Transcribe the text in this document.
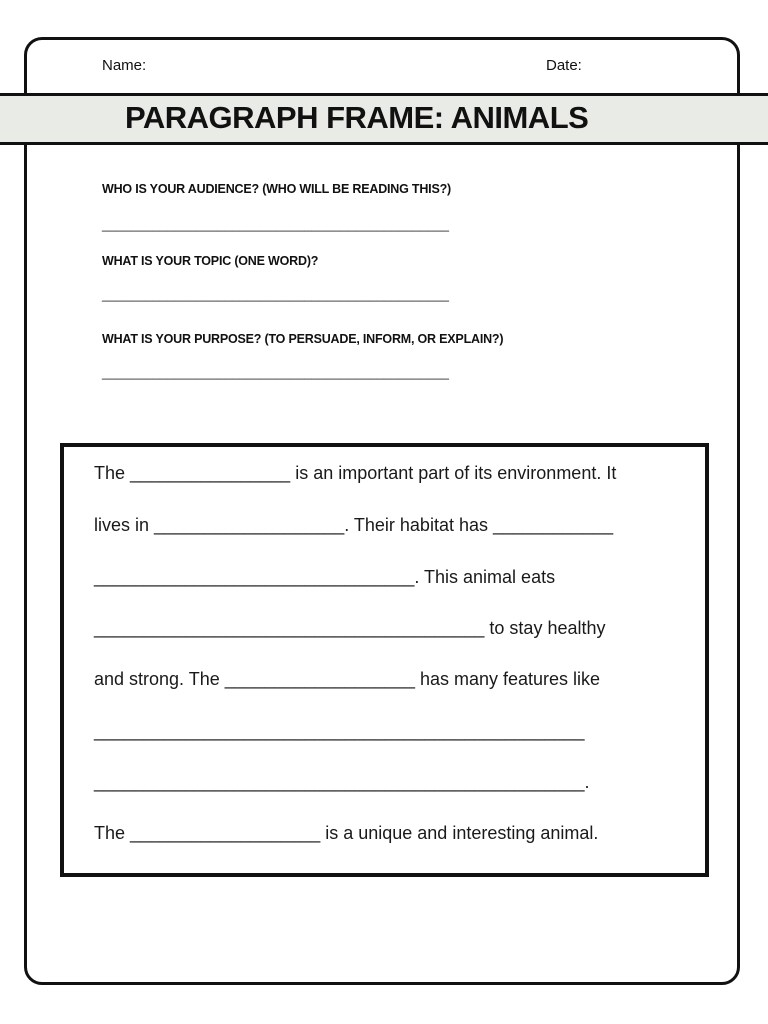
Name:	Date:
PARAGRAPH FRAME: ANIMALS
WHO IS YOUR AUDIENCE? (WHO WILL BE READING THIS?)
________________________________________________
WHAT IS YOUR TOPIC (ONE WORD)?
________________________________________________
WHAT IS YOUR PURPOSE? (TO PERSUADE, INFORM, OR EXPLAIN?)
________________________________________________
The ________________ is an important part of its environment. It
lives in ___________________. Their habitat has ____________
________________________________. This animal eats
_______________________________________ to stay healthy
and strong. The ___________________ has many features like
_________________________________________________
_________________________________________________.
The ___________________ is a unique and interesting animal.
